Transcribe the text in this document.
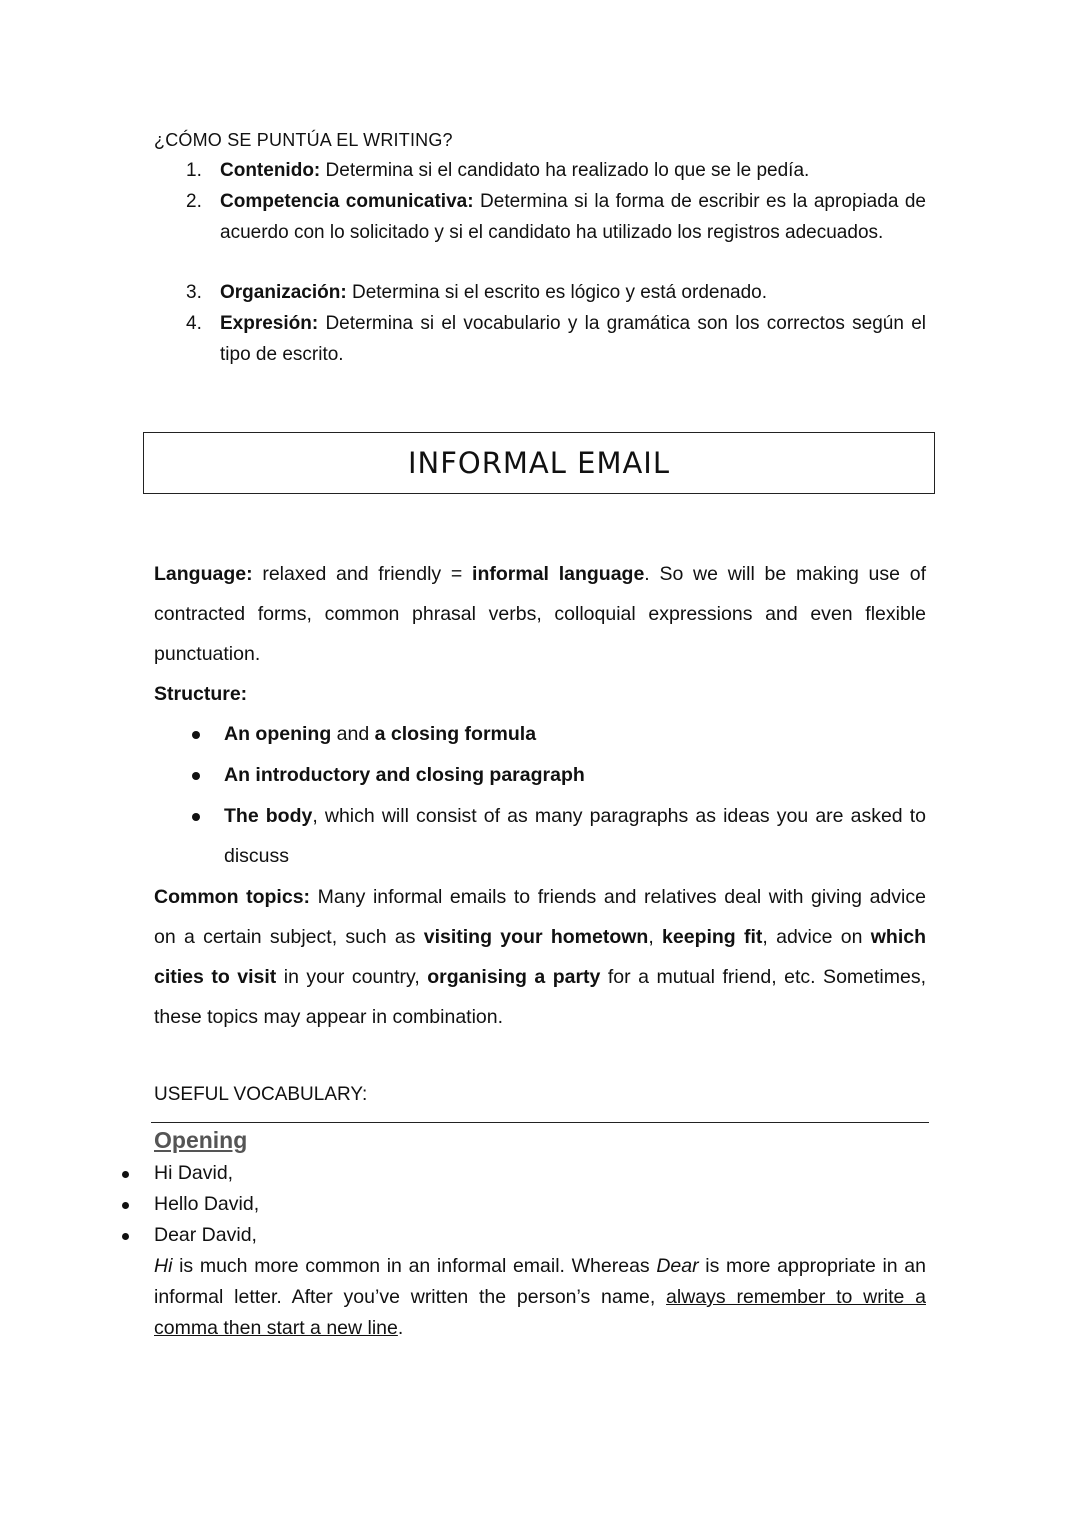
¿CÓMO SE PUNTÚA EL WRITING?
1. Contenido: Determina si el candidato ha realizado lo que se le pedía.
2. Competencia comunicativa: Determina si la forma de escribir es la apropiada de acuerdo con lo solicitado y si el candidato ha utilizado los registros adecuados.
3. Organización: Determina si el escrito es lógico y está ordenado.
4. Expresión: Determina si el vocabulario y la gramática son los correctos según el tipo de escrito.
INFORMAL EMAIL
Language: relaxed and friendly = informal language. So we will be making use of contracted forms, common phrasal verbs, colloquial expressions and even flexible punctuation.
Structure:
An opening and a closing formula
An introductory and closing paragraph
The body, which will consist of as many paragraphs as ideas you are asked to discuss
Common topics: Many informal emails to friends and relatives deal with giving advice on a certain subject, such as visiting your hometown, keeping fit, advice on which cities to visit in your country, organising a party for a mutual friend, etc. Sometimes, these topics may appear in combination.
USEFUL VOCABULARY:
Opening
Hi David,
Hello David,
Dear David,
Hi is much more common in an informal email. Whereas Dear is more appropriate in an informal letter. After you’ve written the person’s name, always remember to write a comma then start a new line.
